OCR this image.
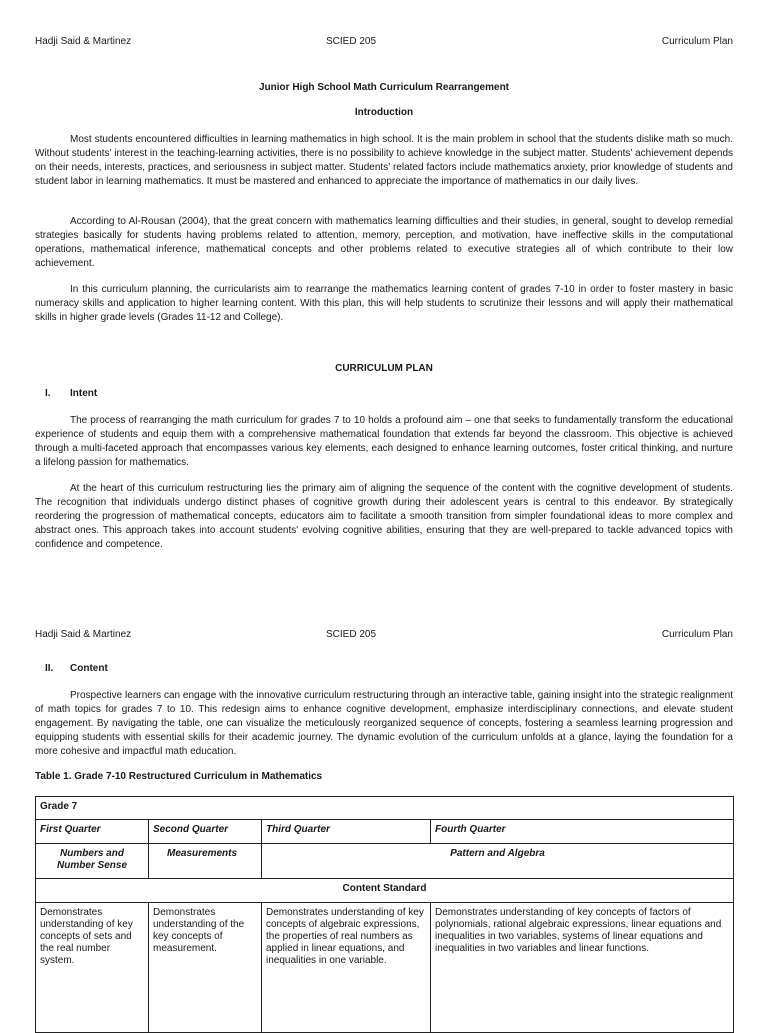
Hadji Said & Martinez	SCIED 205	Curriculum Plan
Junior High School Math Curriculum Rearrangement
Introduction

Most students encountered difficulties in learning mathematics in high school. It is the main problem in school that the students dislike math so much. Without students’ interest in the teaching-learning activities, there is no possibility to achieve knowledge in the subject matter. Students’ achievement depends on their needs, interests, practices, and seriousness in subject matter. Students’ related factors include mathematics anxiety, prior knowledge of students and student labor in learning mathematics. It must be mastered and enhanced to appreciate the importance of mathematics in our daily lives.

According to Al-Rousan (2004), that the great concern with mathematics learning difficulties and their studies, in general, sought to develop remedial strategies basically for students having problems related to attention, memory, perception, and motivation, have ineffective skills in the computational operations, mathematical inference, mathematical concepts and other problems related to executive strategies all of which contribute to their low achievement.

In this curriculum planning, the curricularists aim to rearrange the mathematics learning content of grades 7-10 in order to foster mastery in basic numeracy skills and application to higher learning content. With this plan, this will help students to scrutinize their lessons and will apply their mathematical skills in higher grade levels (Grades 11-12 and College).

CURRICULUM PLAN
I. Intent

The process of rearranging the math curriculum for grades 7 to 10 holds a profound aim – one that seeks to fundamentally transform the educational experience of students and equip them with a comprehensive mathematical foundation that extends far beyond the classroom. This objective is achieved through a multi-faceted approach that encompasses various key elements, each designed to enhance learning outcomes, foster critical thinking, and nurture a lifelong passion for mathematics.

At the heart of this curriculum restructuring lies the primary aim of aligning the sequence of the content with the cognitive development of students. The recognition that individuals undergo distinct phases of cognitive growth during their adolescent years is central to this endeavor. By strategically reordering the progression of mathematical concepts, educators aim to facilitate a smooth transition from simpler foundational ideas to more complex and abstract ones. This approach takes into account students' evolving cognitive abilities, ensuring that they are well-prepared to tackle advanced topics with confidence and competence.

Hadji Said & Martinez	SCIED 205	Curriculum Plan
II. Content

Prospective learners can engage with the innovative curriculum restructuring through an interactive table, gaining insight into the strategic realignment of math topics for grades 7 to 10. This redesign aims to enhance cognitive development, emphasize interdisciplinary connections, and elevate student engagement. By navigating the table, one can visualize the meticulously reorganized sequence of concepts, fostering a seamless learning progression and equipping students with essential skills for their academic journey. The dynamic evolution of the curriculum unfolds at a glance, laying the foundation for a more cohesive and impactful math education.

Table 1. Grade 7-10 Restructured Curriculum in Mathematics
Grade 7			
First Quarter	Second Quarter	Third Quarter	Fourth Quarter
Numbers and Number Sense	Measurements	Pattern and Algebra	
Content Standard			
Demonstrates understanding of key concepts of sets and the real number system.	Demonstrates understanding of the key concepts of measurement.	Demonstrates understanding of key concepts of algebraic expressions, the properties of real numbers as applied in linear equations, and inequalities in one variable.	Demonstrates understanding of key concepts of factors of polynomials, rational algebraic expressions, linear equations and inequalities in two variables, systems of linear equations and inequalities in two variables and linear functions.
